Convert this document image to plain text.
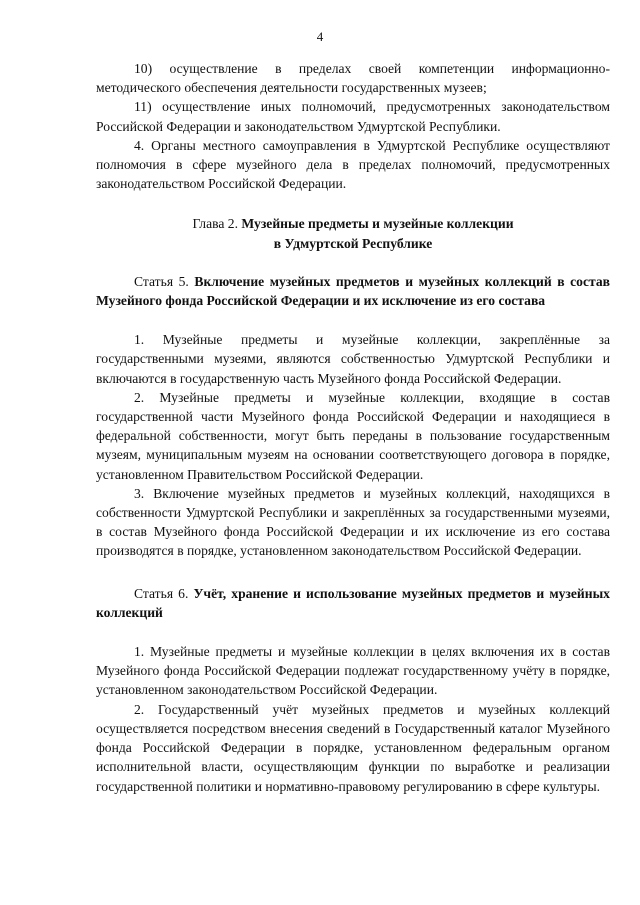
4

10) осуществление в пределах своей компетенции информационно-методического обеспечения деятельности государственных музеев;

11) осуществление иных полномочий, предусмотренных законодательством Российской Федерации и законодательством Удмуртской Республики.

4. Органы местного самоуправления в Удмуртской Республике осуществляют полномочия в сфере музейного дела в пределах полномочий, предусмотренных законодательством Российской Федерации.

Глава 2. Музейные предметы и музейные коллекции
в Удмуртской Республике

Статья 5. Включение музейных предметов и музейных коллекций в состав Музейного фонда Российской Федерации и их исключение из его состава

1. Музейные предметы и музейные коллекции, закреплённые за государственными музеями, являются собственностью Удмуртской Республики и включаются в государственную часть Музейного фонда Российской Федерации.

2. Музейные предметы и музейные коллекции, входящие в состав государственной части Музейного фонда Российской Федерации и находящиеся в федеральной собственности, могут быть переданы в пользование государственным музеям, муниципальным музеям на основании соответствующего договора в порядке, установленном Правительством Российской Федерации.

3. Включение музейных предметов и музейных коллекций, находящихся в собственности Удмуртской Республики и закреплённых за государственными музеями, в состав Музейного фонда Российской Федерации и их исключение из его состава производятся в порядке, установленном законодательством Российской Федерации.

Статья 6. Учёт, хранение и использование музейных предметов и музейных коллекций

1. Музейные предметы и музейные коллекции в целях включения их в состав Музейного фонда Российской Федерации подлежат государственному учёту в порядке, установленном законодательством Российской Федерации.

2. Государственный учёт музейных предметов и музейных коллекций осуществляется посредством внесения сведений в Государственный каталог Музейного фонда Российской Федерации в порядке, установленном федеральным органом исполнительной власти, осуществляющим функции по выработке и реализации государственной политики и нормативно-правовому регулированию в сфере культуры.
